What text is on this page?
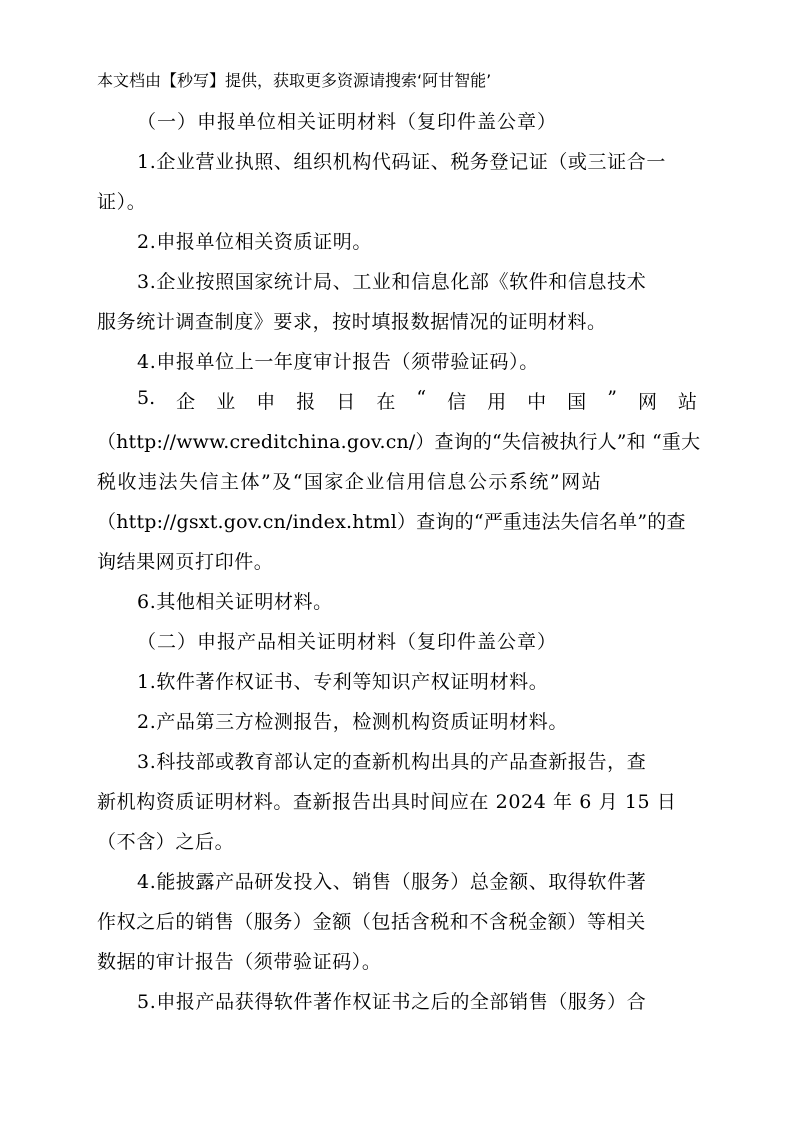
本文档由【秒写】提供，获取更多资源请搜索‘阿甘智能’
（一）申报单位相关证明材料（复印件盖公章）
1.企业营业执照、组织机构代码证、税务登记证（或三证合一
证）。
2.申报单位相关资质证明。
3.企业按照国家统计局、工业和信息化部《软件和信息技术
服务统计调查制度》要求，按时填报数据情况的证明材料。
4.申报单位上一年度审计报告（须带验证码）。
5. 企 业 申 报 日 在 “ 信 用 中 国 ” 网 站
（http://www.creditchina.gov.cn/）查询的“失信被执行人”和 “重大
税收违法失信主体”及“国家企业信用信息公示系统”网站
（http://gsxt.gov.cn/index.html）查询的“严重违法失信名单”的查
询结果网页打印件。
6.其他相关证明材料。
（二）申报产品相关证明材料（复印件盖公章）
1.软件著作权证书、专利等知识产权证明材料。
2.产品第三方检测报告，检测机构资质证明材料。
3.科技部或教育部认定的查新机构出具的产品查新报告，查
新机构资质证明材料。查新报告出具时间应在 2024 年 6 月 15 日
（不含）之后。
4.能披露产品研发投入、销售（服务）总金额、取得软件著
作权之后的销售（服务）金额（包括含税和不含税金额）等相关
数据的审计报告（须带验证码）。
5.申报产品获得软件著作权证书之后的全部销售（服务）合
